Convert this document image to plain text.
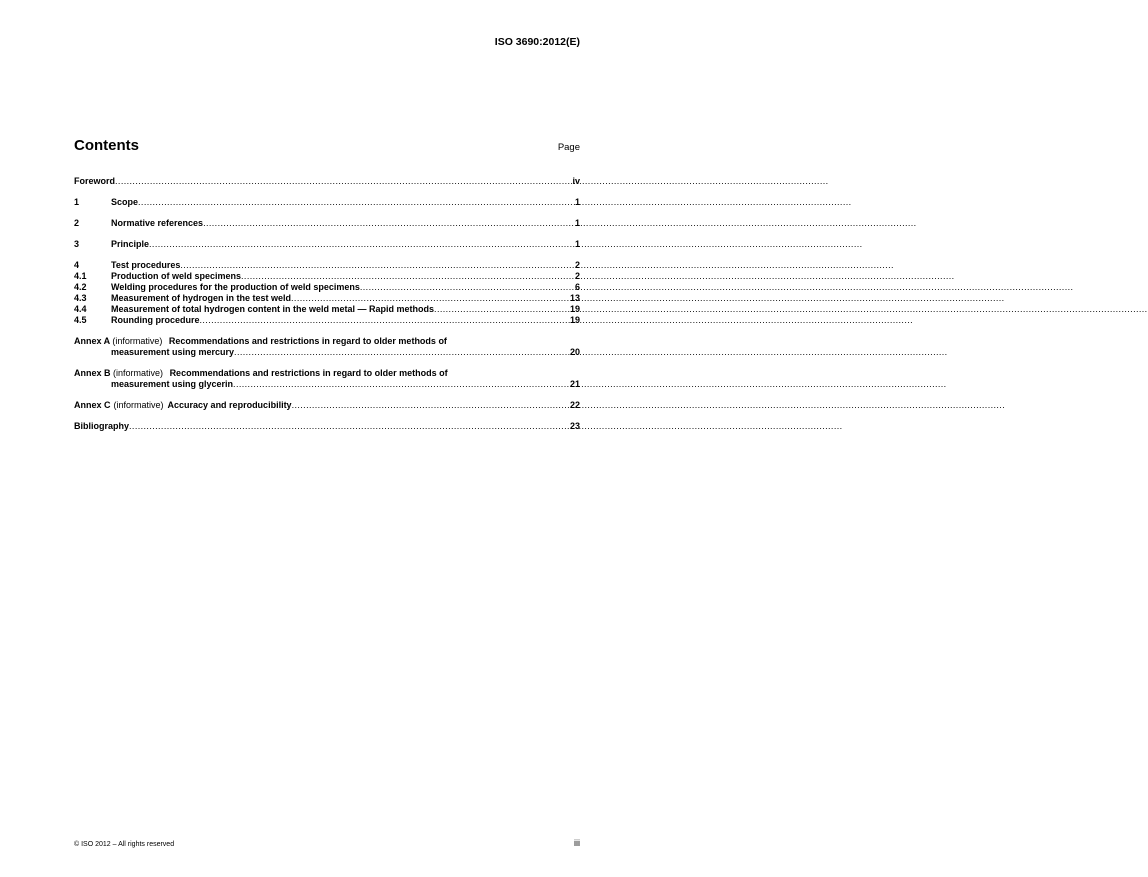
ISO 3690:2012(E)
Contents	Page
Foreword .....	iv
1	Scope .....	1
2	Normative references .....	1
3	Principle .....	1
4	Test procedures .....	2
4.1	Production of weld specimens .....	2
4.2	Welding procedures for the production of weld specimens .....	6
4.3	Measurement of hydrogen in the test weld .....	13
4.4	Measurement of total hydrogen content in the weld metal — Rapid methods .....	19
4.5	Rounding procedure .....	19
Annex A (informative) Recommendations and restrictions in regard to older methods of
measurement using mercury .....	20
Annex B (informative) Recommendations and restrictions in regard to older methods of
measurement using glycerin .....	21
Annex C (informative) Accuracy and reproducibility .....	22
Bibliography .....	23
© ISO 2012 – All rights reserved	iii
